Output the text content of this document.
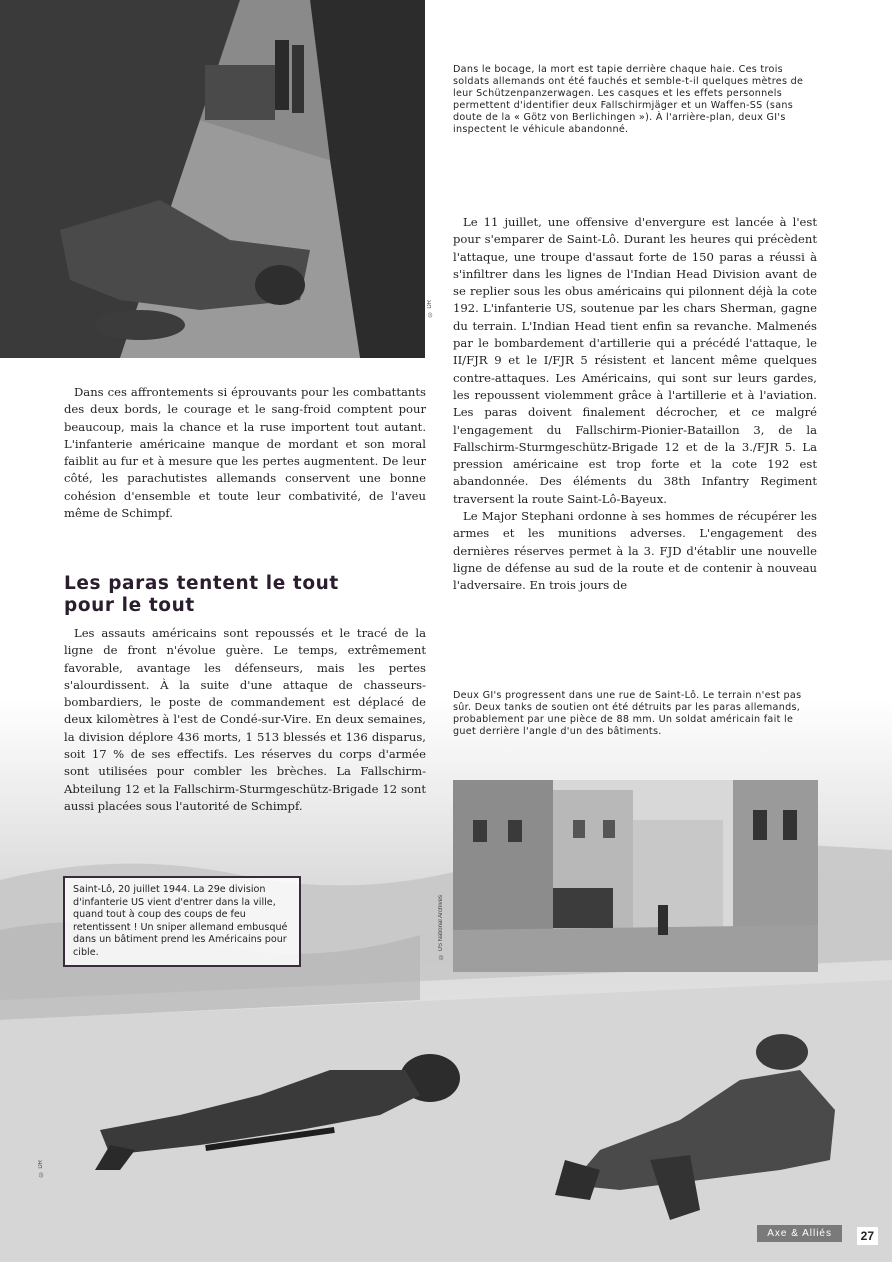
© DR
© DR
Dans le bocage, la mort est tapie derrière chaque haie. Ces trois soldats allemands ont été fauchés et semble-t-il quelques mètres de leur Schützenpanzerwagen. Les casques et les effets personnels permettent d'identifier deux Fallschirmjäger et un Waffen-SS (sans doute de la « Götz von Berlichingen »). À l'arrière-plan, deux GI's inspectent le véhicule abandonné.

Dans ces affrontements si éprouvants pour les combattants des deux bords, le courage et le sang-froid comptent pour beaucoup, mais la chance et la ruse importent tout autant. L'infanterie américaine manque de mordant et son moral faiblit au fur et à mesure que les pertes augmentent. De leur côté, les parachutistes allemands conservent une bonne cohésion d'ensemble et toute leur combativité, de l'aveu même de Schimpf.

Les paras tentent le tout
pour le tout

Les assauts américains sont repoussés et le tracé de la ligne de front n'évolue guère. Le temps, extrêmement favorable, avantage les défenseurs, mais les pertes s'alourdissent. À la suite d'une attaque de chasseurs-bombardiers, le poste de commandement est déplacé de deux kilomètres à l'est de Condé-sur-Vire. En deux semaines, la division déplore 436 morts, 1 513 blessés et 136 disparus, soit 17 % de ses effectifs. Les réserves du corps d'armée sont utilisées pour combler les brèches. La Fallschirm-Abteilung 12 et la Fallschirm-Sturmgeschütz-Brigade 12 sont aussi placées sous l'autorité de Schimpf.

Le 11 juillet, une offensive d'envergure est lancée à l'est pour s'emparer de Saint-Lô. Durant les heures qui précèdent l'attaque, une troupe d'assaut forte de 150 paras a réussi à s'infiltrer dans les lignes de l'Indian Head Division avant de se replier sous les obus américains qui pilonnent déjà la cote 192. L'infanterie US, soutenue par les chars Sherman, gagne du terrain. L'Indian Head tient enfin sa revanche. Malmenés par le bombardement d'artillerie qui a précédé l'attaque, le II/FJR 9 et le I/FJR 5 résistent et lancent même quelques contre-attaques. Les Américains, qui sont sur leurs gardes, les repoussent violemment grâce à l'artillerie et à l'aviation. Les paras doivent finalement décrocher, et ce malgré l'engagement du Fallschirm-Pionier-Bataillon 3, de la Fallschirm-Sturmgeschütz-Brigade 12 et de la 3./FJR 5. La pression américaine est trop forte et la cote 192 est abandonnée. Des éléments du 38th Infantry Regiment traversent la route Saint-Lô-Bayeux.

Le Major Stephani ordonne à ses hommes de récupérer les armes et les munitions adverses. L'engagement des dernières réserves permet à la 3. FJD d'établir une nouvelle ligne de défense au sud de la route et de contenir à nouveau l'adversaire. En trois jours de

Deux GI's progressent dans une rue de Saint-Lô. Le terrain n'est pas sûr. Deux tanks de soutien ont été détruits par les paras allemands, probablement par une pièce de 88 mm. Un soldat américain fait le guet derrière l'angle d'un des bâtiments.
© US National Archives
Saint-Lô, 20 juillet 1944. La 29e division d'infanterie US vient d'entrer dans la ville, quand tout à coup des coups de feu retentissent ! Un sniper allemand embusqué dans un bâtiment prend les Américains pour cible.
Axe & Alliés	27
